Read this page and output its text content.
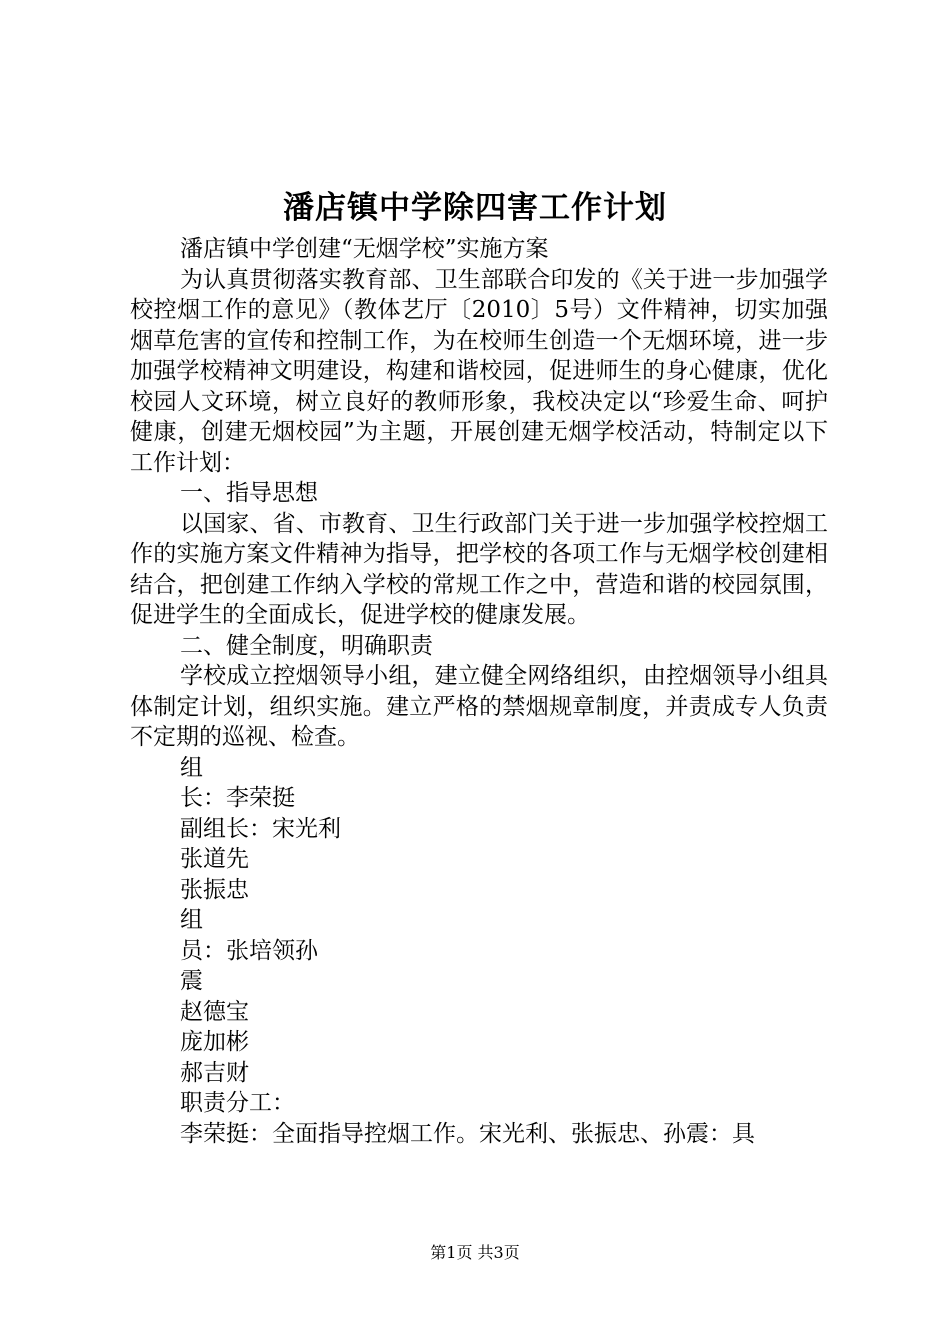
潘店镇中学除四害工作计划

潘店镇中学创建“无烟学校”实施方案

为认真贯彻落实教育部、卫生部联合印发的《关于进一步加强学校控烟工作的意见》（教体艺厅〔2010〕5号）文件精神，切实加强烟草危害的宣传和控制工作，为在校师生创造一个无烟环境，进一步加强学校精神文明建设，构建和谐校园，促进师生的身心健康，优化校园人文环境，树立良好的教师形象，我校决定以“珍爱生命、呵护健康，创建无烟校园”为主题，开展创建无烟学校活动，特制定以下工作计划：

一、指导思想

以国家、省、市教育、卫生行政部门关于进一步加强学校控烟工作的实施方案文件精神为指导，把学校的各项工作与无烟学校创建相结合，把创建工作纳入学校的常规工作之中，营造和谐的校园氛围，促进学生的全面成长，促进学校的健康发展。

二、健全制度，明确职责

学校成立控烟领导小组，建立健全网络组织，由控烟领导小组具体制定计划，组织实施。建立严格的禁烟规章制度，并责成专人负责不定期的巡视、检查。

组

长：李荣挺

副组长：宋光利

张道先

张振忠

组

员：张培领孙

震

赵德宝

庞加彬

郝吉财

职责分工：

李荣挺：全面指导控烟工作。宋光利、张振忠、孙震：具

第1页 共3页
